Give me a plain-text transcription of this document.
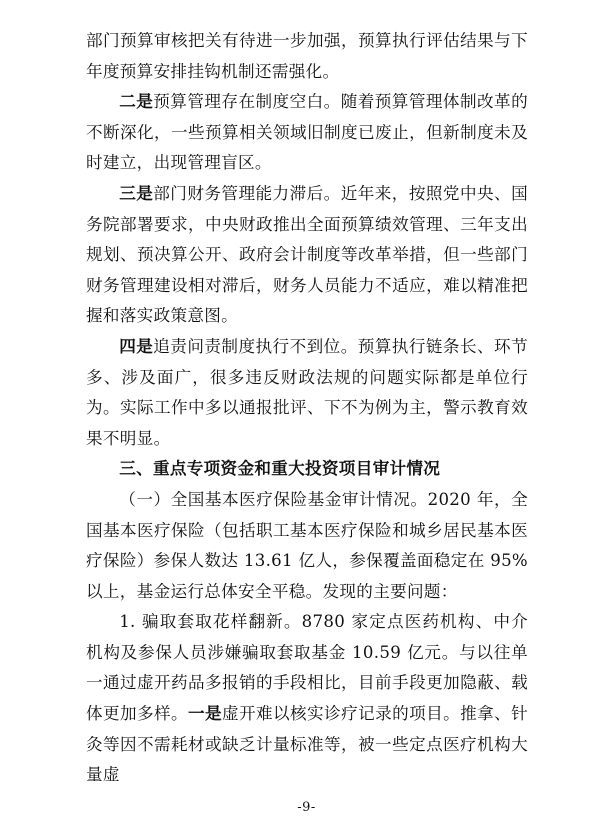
部门预算审核把关有待进一步加强，预算执行评估结果与下年度预算安排挂钩机制还需强化。

二是预算管理存在制度空白。随着预算管理体制改革的不断深化，一些预算相关领域旧制度已废止，但新制度未及时建立，出现管理盲区。

三是部门财务管理能力滞后。近年来，按照党中央、国务院部署要求，中央财政推出全面预算绩效管理、三年支出规划、预决算公开、政府会计制度等改革举措，但一些部门财务管理建设相对滞后，财务人员能力不适应，难以精准把握和落实政策意图。

四是追责问责制度执行不到位。预算执行链条长、环节多、涉及面广，很多违反财政法规的问题实际都是单位行为。实际工作中多以通报批评、下不为例为主，警示教育效果不明显。

三、重点专项资金和重大投资项目审计情况

（一）全国基本医疗保险基金审计情况。2020 年，全国基本医疗保险（包括职工基本医疗保险和城乡居民基本医疗保险）参保人数达 13.61 亿人，参保覆盖面稳定在 95%以上，基金运行总体安全平稳。发现的主要问题：

1. 骗取套取花样翻新。8780 家定点医药机构、中介机构及参保人员涉嫌骗取套取基金 10.59 亿元。与以往单一通过虚开药品多报销的手段相比，目前手段更加隐蔽、载体更加多样。一是虚开难以核实诊疗记录的项目。推拿、针灸等因不需耗材或缺乏计量标准等，被一些定点医疗机构大量虚

-9-
